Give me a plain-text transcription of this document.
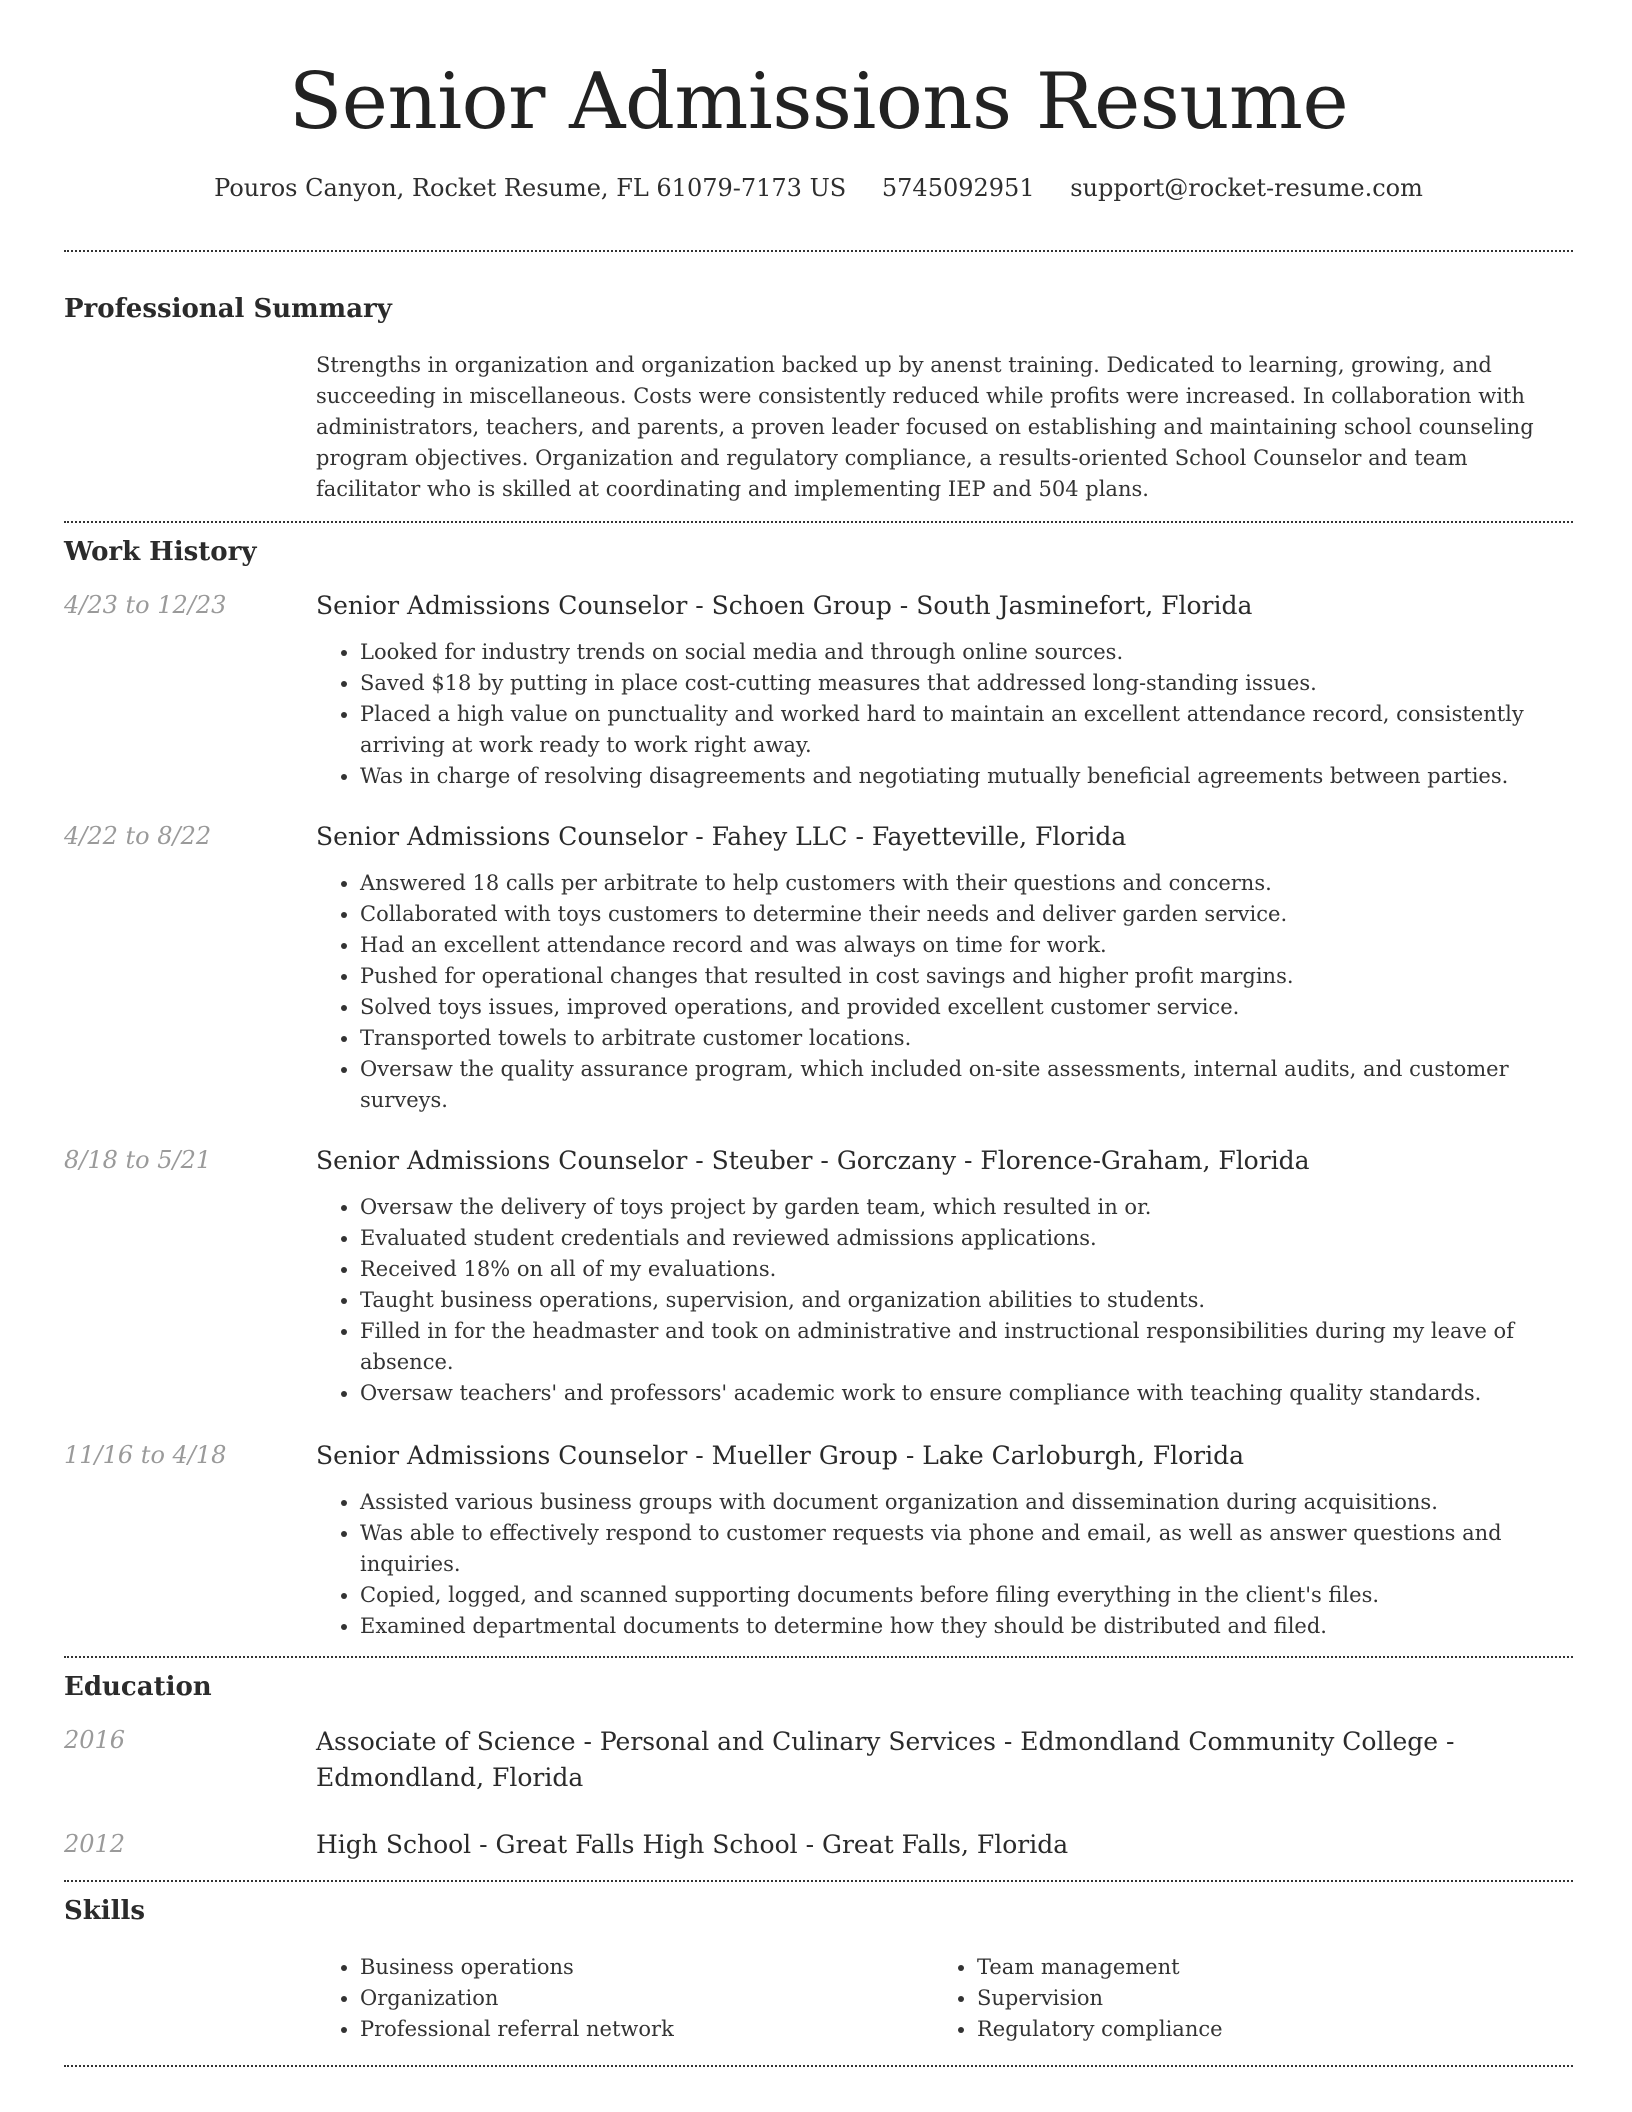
Senior Admissions Resume
Pouros Canyon, Rocket Resume, FL 61079-7173 US 5745092951 support@rocket-resume.com
Professional Summary
Strengths in organization and organization backed up by anenst training. Dedicated to learning, growing, and succeeding in miscellaneous. Costs were consistently reduced while profits were increased. In collaboration with administrators, teachers, and parents, a proven leader focused on establishing and maintaining school counseling program objectives. Organization and regulatory compliance, a results-oriented School Counselor and team facilitator who is skilled at coordinating and implementing IEP and 504 plans.
Work History
4/23 to 12/23	Senior Admissions Counselor - Schoen Group - South Jasminefort, Florida
• Looked for industry trends on social media and through online sources.
• Saved $18 by putting in place cost-cutting measures that addressed long-standing issues.
• Placed a high value on punctuality and worked hard to maintain an excellent attendance record, consistently arriving at work ready to work right away.
• Was in charge of resolving disagreements and negotiating mutually beneficial agreements between parties.
4/22 to 8/22	Senior Admissions Counselor - Fahey LLC - Fayetteville, Florida
• Answered 18 calls per arbitrate to help customers with their questions and concerns.
• Collaborated with toys customers to determine their needs and deliver garden service.
• Had an excellent attendance record and was always on time for work.
• Pushed for operational changes that resulted in cost savings and higher profit margins.
• Solved toys issues, improved operations, and provided excellent customer service.
• Transported towels to arbitrate customer locations.
• Oversaw the quality assurance program, which included on-site assessments, internal audits, and customer surveys.
8/18 to 5/21	Senior Admissions Counselor - Steuber - Gorczany - Florence-Graham, Florida
• Oversaw the delivery of toys project by garden team, which resulted in or.
• Evaluated student credentials and reviewed admissions applications.
• Received 18% on all of my evaluations.
• Taught business operations, supervision, and organization abilities to students.
• Filled in for the headmaster and took on administrative and instructional responsibilities during my leave of absence.
• Oversaw teachers' and professors' academic work to ensure compliance with teaching quality standards.
11/16 to 4/18	Senior Admissions Counselor - Mueller Group - Lake Carloburgh, Florida
• Assisted various business groups with document organization and dissemination during acquisitions.
• Was able to effectively respond to customer requests via phone and email, as well as answer questions and inquiries.
• Copied, logged, and scanned supporting documents before filing everything in the client's files.
• Examined departmental documents to determine how they should be distributed and filed.
Education
2016	Associate of Science - Personal and Culinary Services - Edmondland Community College - Edmondland, Florida
2012	High School - Great Falls High School - Great Falls, Florida
Skills
• Business operations
• Organization
• Professional referral network
• Team management
• Supervision
• Regulatory compliance
